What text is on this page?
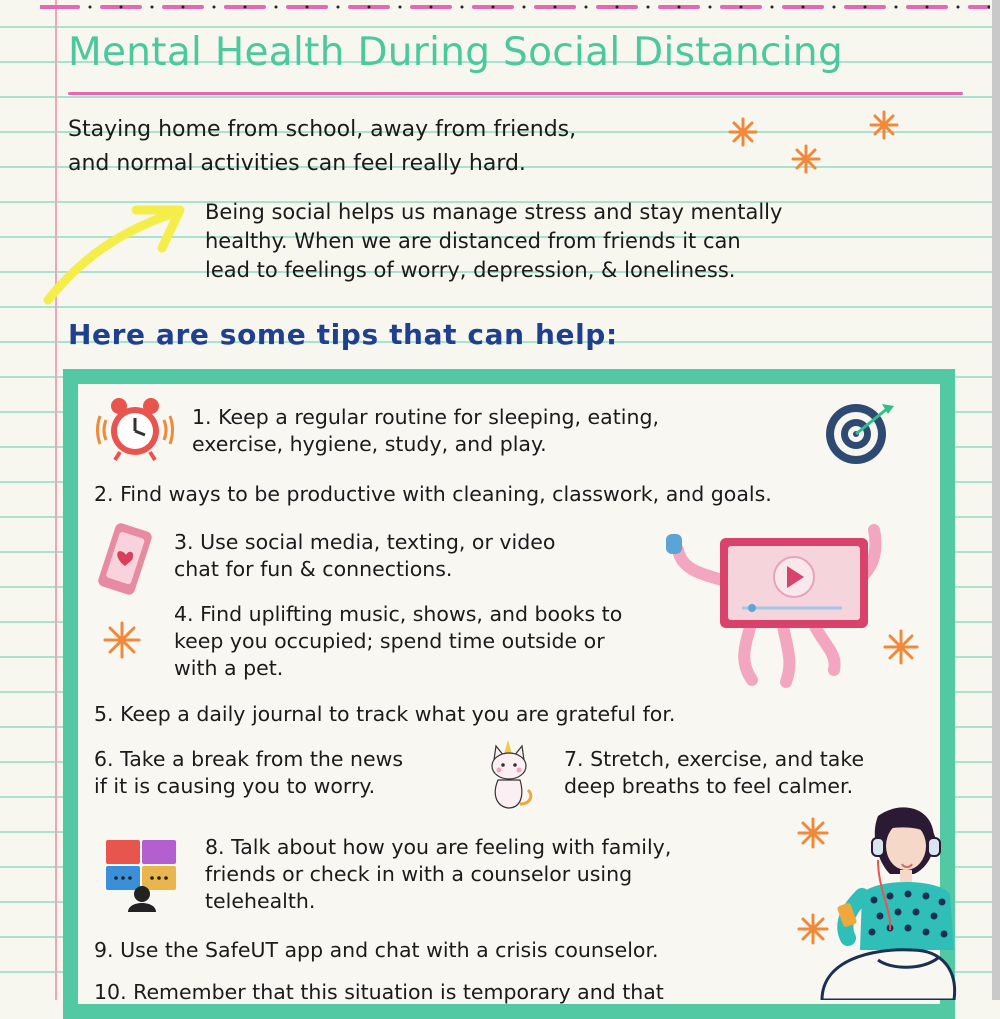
Mental Health During Social Distancing

Staying home from school, away from friends,
and normal activities can feel really hard.

Being social helps us manage stress and stay mentally
healthy. When we are distanced from friends it can
lead to feelings of worry, depression, & loneliness.

Here are some tips that can help:

1. Keep a regular routine for sleeping, eating,
exercise, hygiene, study, and play.

2. Find ways to be productive with cleaning, classwork, and goals.

3. Use social media, texting, or video
chat for fun & connections.

4. Find uplifting music, shows, and books to
keep you occupied; spend time outside or
with a pet.

5. Keep a daily journal to track what you are grateful for.

6. Take a break from the news
if it is causing you to worry.

7. Stretch, exercise, and take
deep breaths to feel calmer.

8. Talk about how you are feeling with family,
friends or check in with a counselor using
telehealth.

9. Use the SafeUT app and chat with a crisis counselor.

10. Remember that this situation is temporary and that
